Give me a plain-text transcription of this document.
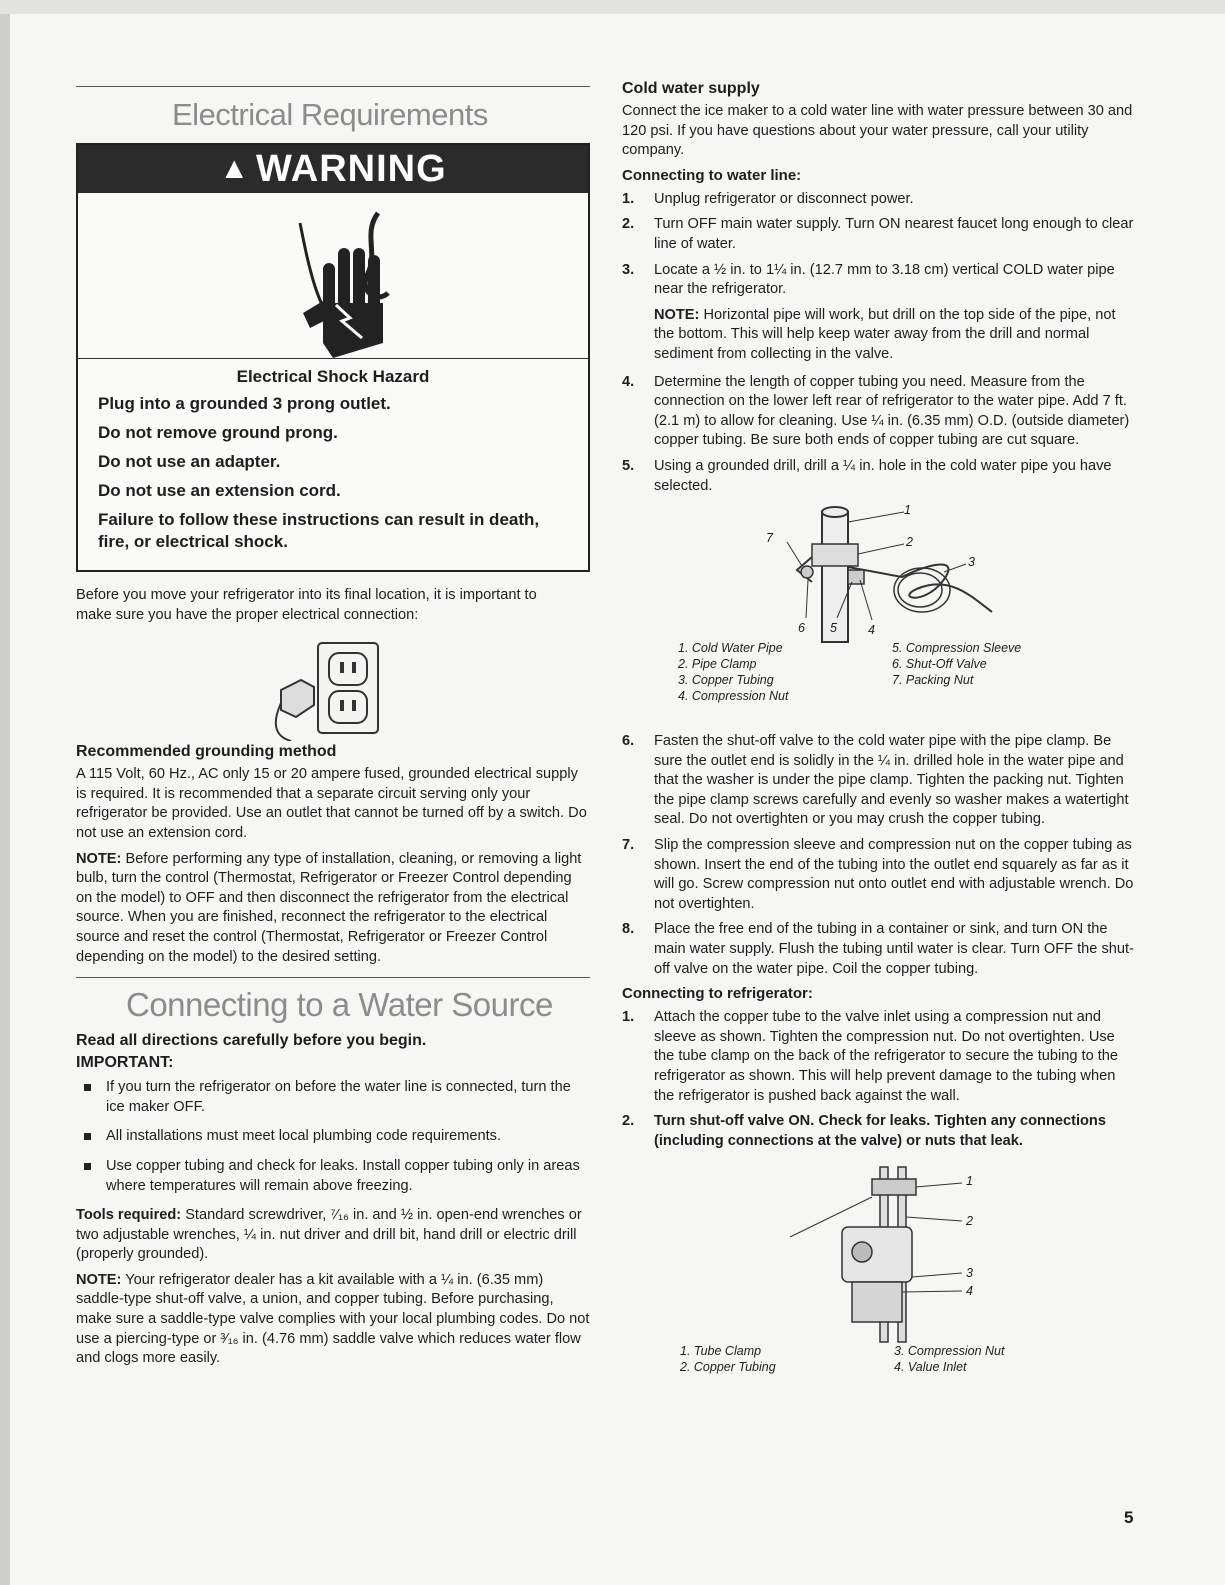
Electrical Requirements
▲ WARNING
Electrical Shock Hazard

Plug into a grounded 3 prong outlet.

Do not remove ground prong.

Do not use an adapter.

Do not use an extension cord.

Failure to follow these instructions can result in death, fire, or electrical shock.

Before you move your refrigerator into its final location, it is important to make sure you have the proper electrical connection:

Recommended grounding method

A 115 Volt, 60 Hz., AC only 15 or 20 ampere fused, grounded electrical supply is required. It is recommended that a separate circuit serving only your refrigerator be provided. Use an outlet that cannot be turned off by a switch. Do not use an extension cord.

NOTE: Before performing any type of installation, cleaning, or removing a light bulb, turn the control (Thermostat, Refrigerator or Freezer Control depending on the model) to OFF and then disconnect the refrigerator from the electrical source. When you are finished, reconnect the refrigerator to the electrical source and reset the control (Thermostat, Refrigerator or Freezer Control depending on the model) to the desired setting.

Connecting to a Water Source

Read all directions carefully before you begin.

IMPORTANT:

If you turn the refrigerator on before the water line is connected, turn the ice maker OFF.
All installations must meet local plumbing code requirements.
Use copper tubing and check for leaks. Install copper tubing only in areas where temperatures will remain above freezing.

Tools required: Standard screwdriver, ⁷⁄₁₆ in. and ½ in. open-end wrenches or two adjustable wrenches, ¼ in. nut driver and drill bit, hand drill or electric drill (properly grounded).

NOTE: Your refrigerator dealer has a kit available with a ¼ in. (6.35 mm) saddle-type shut-off valve, a union, and copper tubing. Before purchasing, make sure a saddle-type valve complies with your local plumbing codes. Do not use a piercing-type or ³⁄₁₆ in. (4.76 mm) saddle valve which reduces water flow and clogs more easily.

Cold water supply

Connect the ice maker to a cold water line with water pressure between 30 and 120 psi. If you have questions about your water pressure, call your utility company.

Connecting to water line:

1. Unplug refrigerator or disconnect power.
2. Turn OFF main water supply. Turn ON nearest faucet long enough to clear line of water.
3. Locate a ½ in. to 1¼ in. (12.7 mm to 3.18 cm) vertical COLD water pipe near the refrigerator.

NOTE: Horizontal pipe will work, but drill on the top side of the pipe, not the bottom. This will help keep water away from the drill and normal sediment from collecting in the valve.

4. Determine the length of copper tubing you need. Measure from the connection on the lower left rear of refrigerator to the water pipe. Add 7 ft. (2.1 m) to allow for cleaning. Use ¼ in. (6.35 mm) O.D. (outside diameter) copper tubing. Be sure both ends of copper tubing are cut square.
5. Using a grounded drill, drill a ¼ in. hole in the cold water pipe you have selected.
1
2
3
4
5
6
7
1. Cold Water Pipe
2. Pipe Clamp
3. Copper Tubing
4. Compression Nut
5. Compression Sleeve
6. Shut-Off Valve
7. Packing Nut
6. Fasten the shut-off valve to the cold water pipe with the pipe clamp. Be sure the outlet end is solidly in the ¼ in. drilled hole in the water pipe and that the washer is under the pipe clamp. Tighten the packing nut. Tighten the pipe clamp screws carefully and evenly so washer makes a watertight seal. Do not overtighten or you may crush the copper tubing.
7. Slip the compression sleeve and compression nut on the copper tubing as shown. Insert the end of the tubing into the outlet end squarely as far as it will go. Screw compression nut onto outlet end with adjustable wrench. Do not overtighten.
8. Place the free end of the tubing in a container or sink, and turn ON the main water supply. Flush the tubing until water is clear. Turn OFF the shut-off valve on the water pipe. Coil the copper tubing.

Connecting to refrigerator:

1. Attach the copper tube to the valve inlet using a compression nut and sleeve as shown. Tighten the compression nut. Do not overtighten. Use the tube clamp on the back of the refrigerator to secure the tubing to the refrigerator as shown. This will help prevent damage to the tubing when the refrigerator is pushed back against the wall.
2. Turn shut-off valve ON. Check for leaks. Tighten any connections (including connections at the valve) or nuts that leak.
1
2
3
4
1. Tube Clamp
2. Copper Tubing
3. Compression Nut
4. Value Inlet
5
